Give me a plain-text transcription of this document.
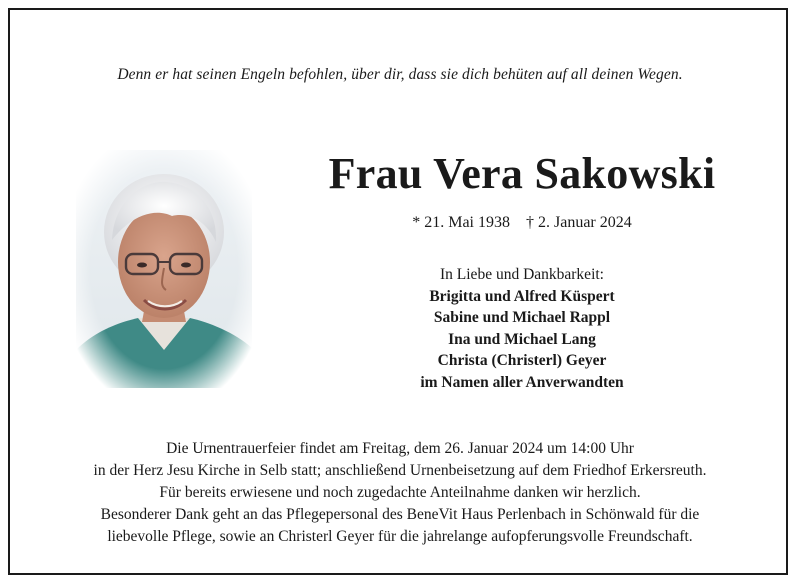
Denn er hat seinen Engeln befohlen, über dir, dass sie dich behüten auf all deinen Wegen.
Frau Vera Sakowski
* 21. Mai 1938 † 2. Januar 2024
In Liebe und Dankbarkeit:
Brigitta und Alfred Küspert
Sabine und Michael Rappl
Ina und Michael Lang
Christa (Christerl) Geyer
im Namen aller Anverwandten
Die Urnentrauerfeier findet am Freitag, dem 26. Januar 2024 um 14:00 Uhr
in der Herz Jesu Kirche in Selb statt; anschließend Urnenbeisetzung auf dem Friedhof Erkersreuth.
Für bereits erwiesene und noch zugedachte Anteilnahme danken wir herzlich.
Besonderer Dank geht an das Pflegepersonal des BeneVit Haus Perlenbach in Schönwald für die
liebevolle Pflege, sowie an Christerl Geyer für die jahrelange aufopferungsvolle Freundschaft.
